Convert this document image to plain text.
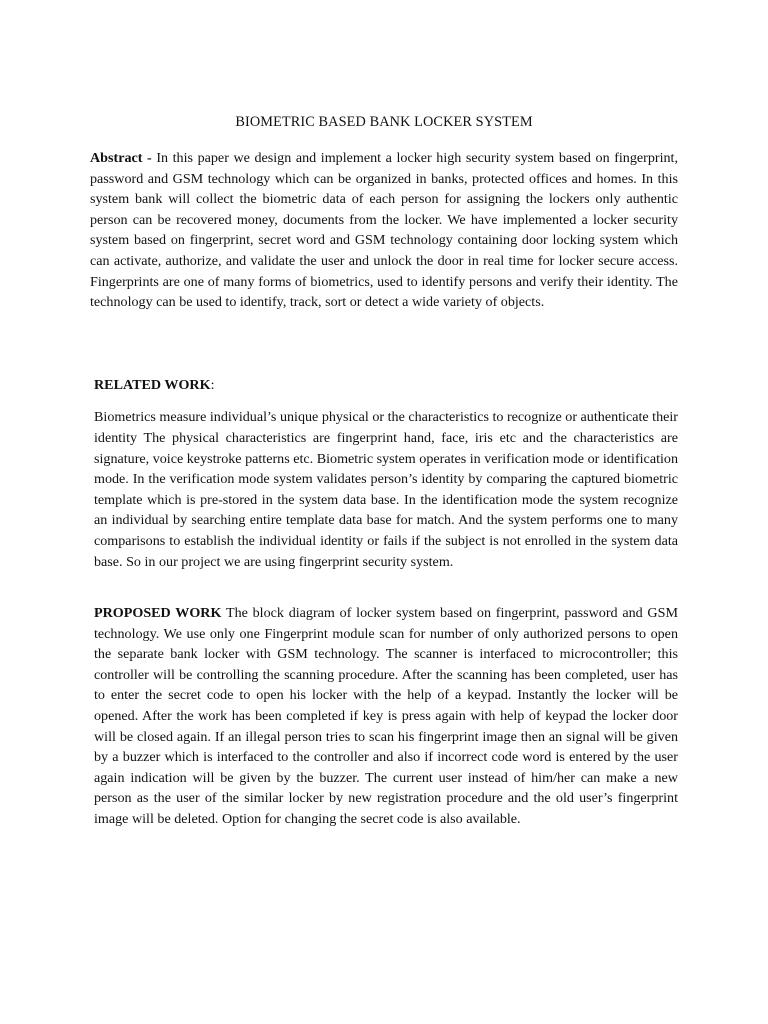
BIOMETRIC BASED BANK LOCKER SYSTEM

Abstract - In this paper we design and implement a locker high security system based on fingerprint, password and GSM technology which can be organized in banks, protected offices and homes. In this system bank will collect the biometric data of each person for assigning the lockers only authentic person can be recovered money, documents from the locker. We have implemented a locker security system based on fingerprint, secret word and GSM technology containing door locking system which can activate, authorize, and validate the user and unlock the door in real time for locker secure access. Fingerprints are one of many forms of biometrics, used to identify persons and verify their identity. The technology can be used to identify, track, sort or detect a wide variety of objects.

RELATED WORK:

Biometrics measure individual’s unique physical or the characteristics to recognize or authenticate their identity The physical characteristics are fingerprint hand, face, iris etc and the characteristics are signature, voice keystroke patterns etc. Biometric system operates in verification mode or identification mode. In the verification mode system validates person’s identity by comparing the captured biometric template which is pre-stored in the system data base. In the identification mode the system recognize an individual by searching entire template data base for match. And the system performs one to many comparisons to establish the individual identity or fails if the subject is not enrolled in the system data base. So in our project we are using fingerprint security system.

PROPOSED WORK The block diagram of locker system based on fingerprint, password and GSM technology. We use only one Fingerprint module scan for number of only authorized persons to open the separate bank locker with GSM technology. The scanner is interfaced to microcontroller; this controller will be controlling the scanning procedure. After the scanning has been completed, user has to enter the secret code to open his locker with the help of a keypad. Instantly the locker will be opened. After the work has been completed if key is press again with help of keypad the locker door will be closed again. If an illegal person tries to scan his fingerprint image then an signal will be given by a buzzer which is interfaced to the controller and also if incorrect code word is entered by the user again indication will be given by the buzzer. The current user instead of him/her can make a new person as the user of the similar locker by new registration procedure and the old user’s fingerprint image will be deleted. Option for changing the secret code is also available.
